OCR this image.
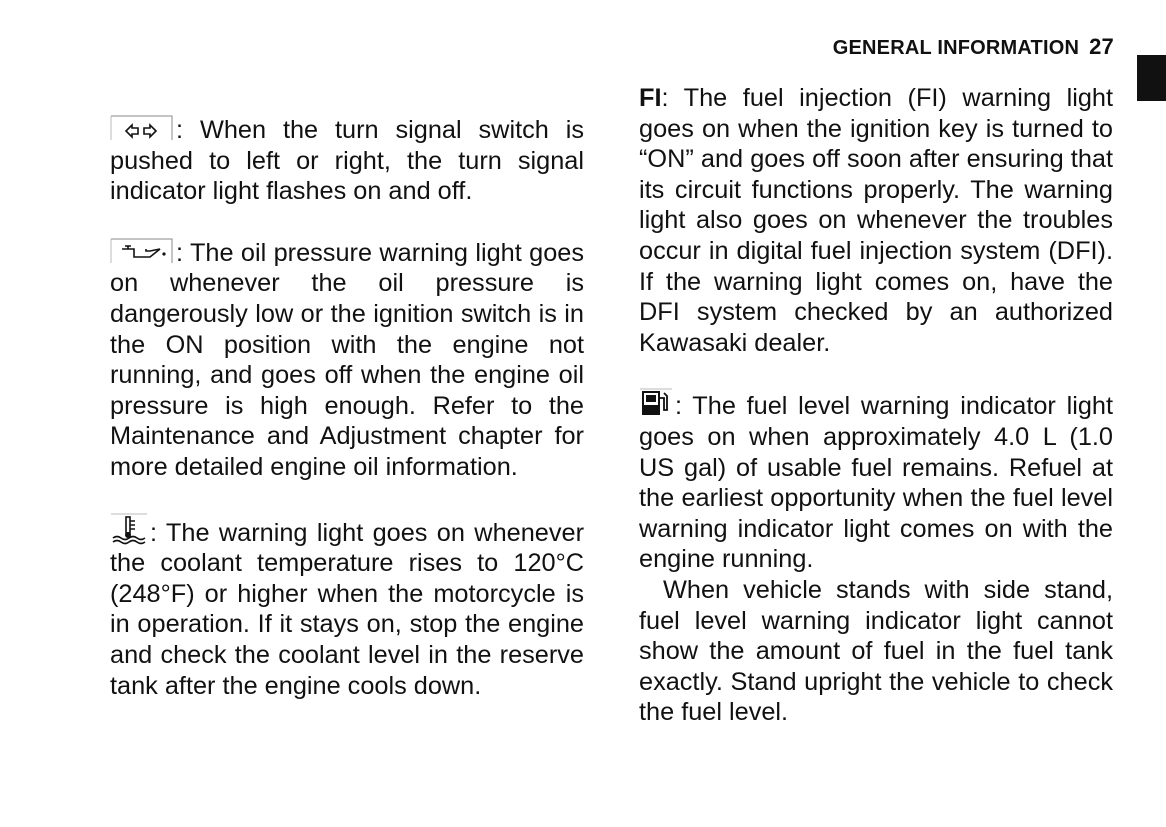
GENERAL INFORMATION 27

: When the turn signal switch is pushed to left or right, the turn signal indicator light flashes on and off.

: The oil pressure warning light goes on whenever the oil pressure is dangerously low or the ignition switch is in the ON position with the engine not running, and goes off when the engine oil pressure is high enough. Refer to the Maintenance and Adjustment chapter for more detailed engine oil information.

: The warning light goes on whenever the coolant temperature rises to 120°C (248°F) or higher when the motorcycle is in operation. If it stays on, stop the engine and check the coolant level in the reserve tank after the engine cools down.

FI: The fuel injection (FI) warning light goes on when the ignition key is turned to “ON” and goes off soon after ensuring that its circuit functions properly. The warning light also goes on whenever the troubles occur in digital fuel injection system (DFI). If the warning light comes on, have the DFI system checked by an authorized Kawasaki dealer.

: The fuel level warning indicator light goes on when approximately 4.0 L (1.0 US gal) of usable fuel remains. Refuel at the earliest opportunity when the fuel level warning indicator light comes on with the engine running.

When vehicle stands with side stand, fuel level warning indicator light cannot show the amount of fuel in the fuel tank exactly. Stand upright the vehicle to check the fuel level.
